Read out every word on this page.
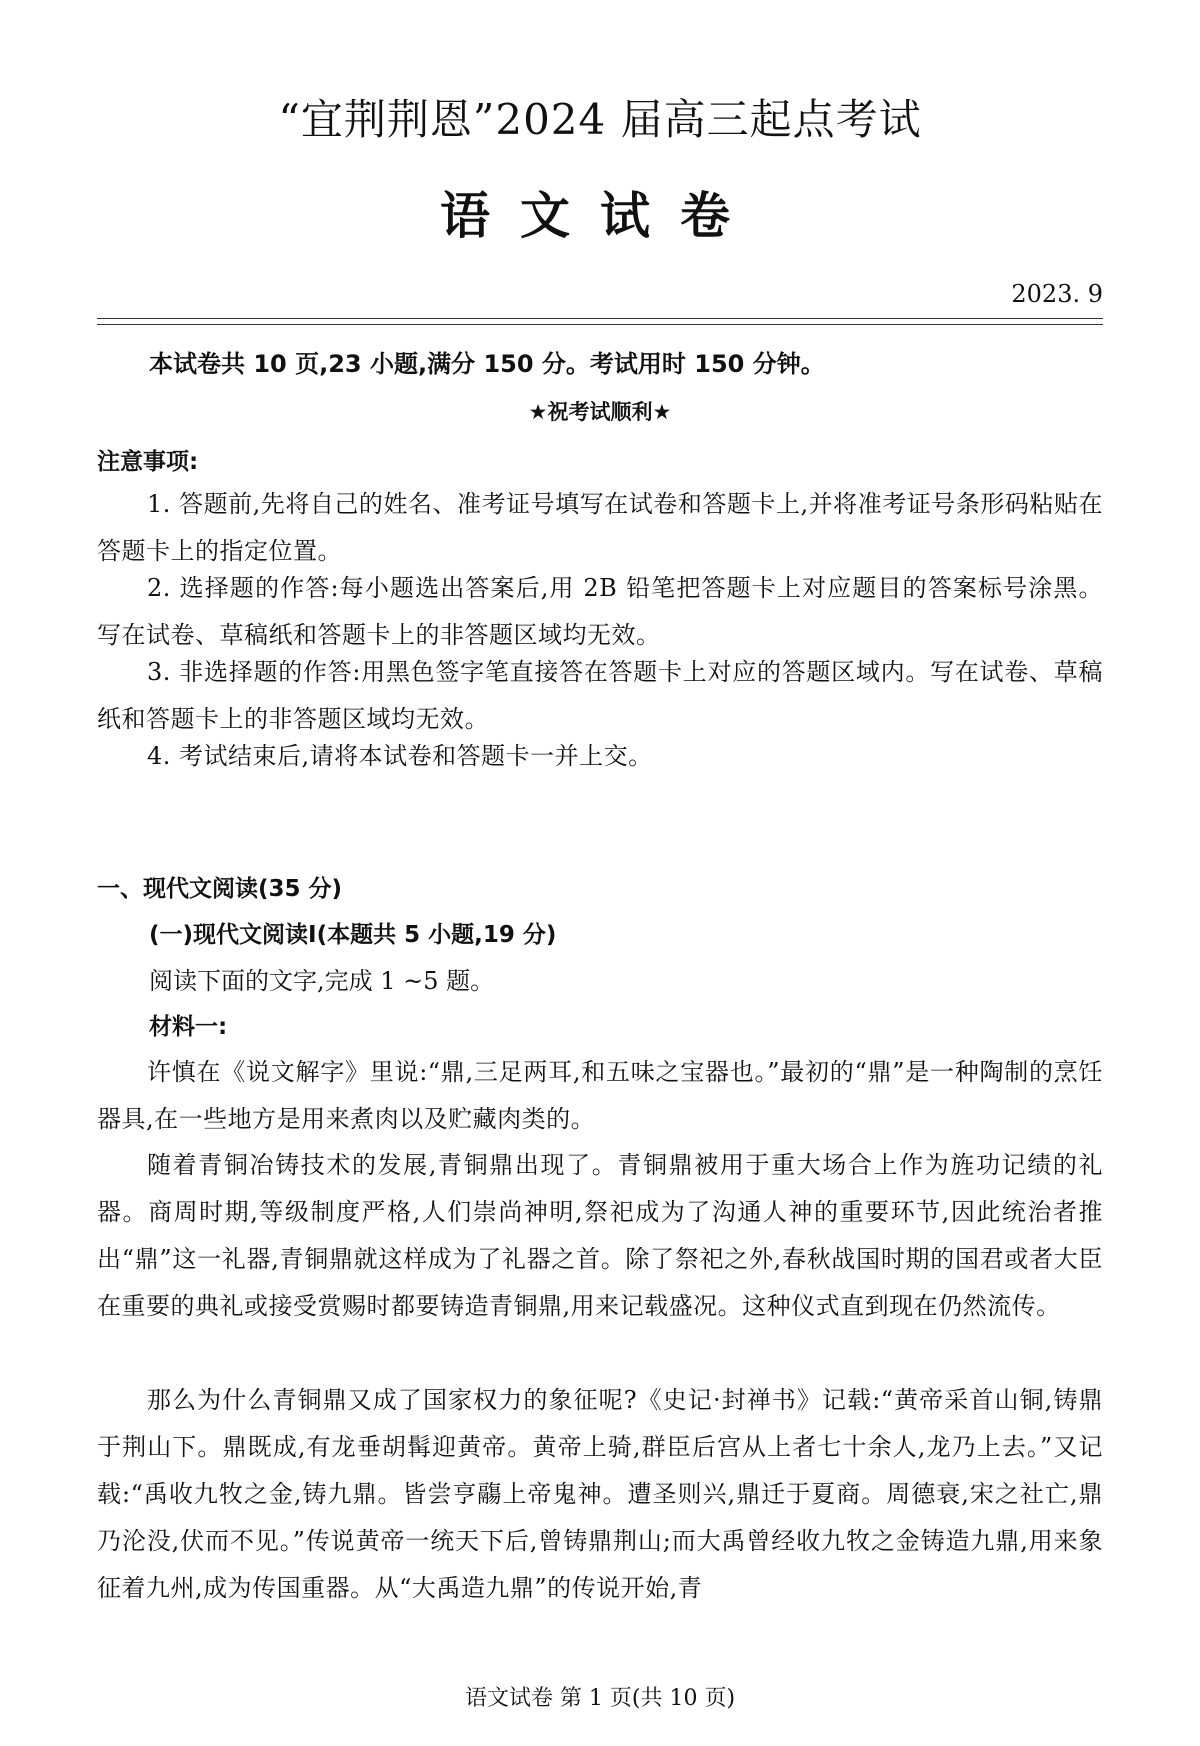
“宜荆荆恩”2024 届高三起点考试
语文试卷
2023. 9
本试卷共 10 页,23 小题,满分 150 分。考试用时 150 分钟。
★祝考试顺利★
注意事项:
1. 答题前,先将自己的姓名、准考证号填写在试卷和答题卡上,并将准考证号条形码粘贴在答题卡上的指定位置。
2. 选择题的作答:每小题选出答案后,用 2B 铅笔把答题卡上对应题目的答案标号涂黑。写在试卷、草稿纸和答题卡上的非答题区域均无效。
3. 非选择题的作答:用黑色签字笔直接答在答题卡上对应的答题区域内。写在试卷、草稿纸和答题卡上的非答题区域均无效。
4. 考试结束后,请将本试卷和答题卡一并上交。
一、现代文阅读(35 分)
(一)现代文阅读Ⅰ(本题共 5 小题,19 分)
阅读下面的文字,完成 1 ~5 题。
材料一:
许慎在《说文解字》里说:“鼎,三足两耳,和五味之宝器也。”最初的“鼎”是一种陶制的烹饪器具,在一些地方是用来煮肉以及贮藏肉类的。
随着青铜冶铸技术的发展,青铜鼎出现了。青铜鼎被用于重大场合上作为旌功记绩的礼器。商周时期,等级制度严格,人们崇尚神明,祭祀成为了沟通人神的重要环节,因此统治者推出“鼎”这一礼器,青铜鼎就这样成为了礼器之首。除了祭祀之外,春秋战国时期的国君或者大臣在重要的典礼或接受赏赐时都要铸造青铜鼎,用来记载盛况。这种仪式直到现在仍然流传。
那么为什么青铜鼎又成了国家权力的象征呢?《史记·封禅书》记载:“黄帝采首山铜,铸鼎于荆山下。鼎既成,有龙垂胡髯迎黄帝。黄帝上骑,群臣后宫从上者七十余人,龙乃上去。”又记载:“禹收九牧之金,铸九鼎。皆尝亨鬺上帝鬼神。遭圣则兴,鼎迁于夏商。周德衰,宋之社亡,鼎乃沦没,伏而不见。”传说黄帝一统天下后,曾铸鼎荆山;而大禹曾经收九牧之金铸造九鼎,用来象征着九州,成为传国重器。从“大禹造九鼎”的传说开始,青
语文试卷 第 1 页(共 10 页)
